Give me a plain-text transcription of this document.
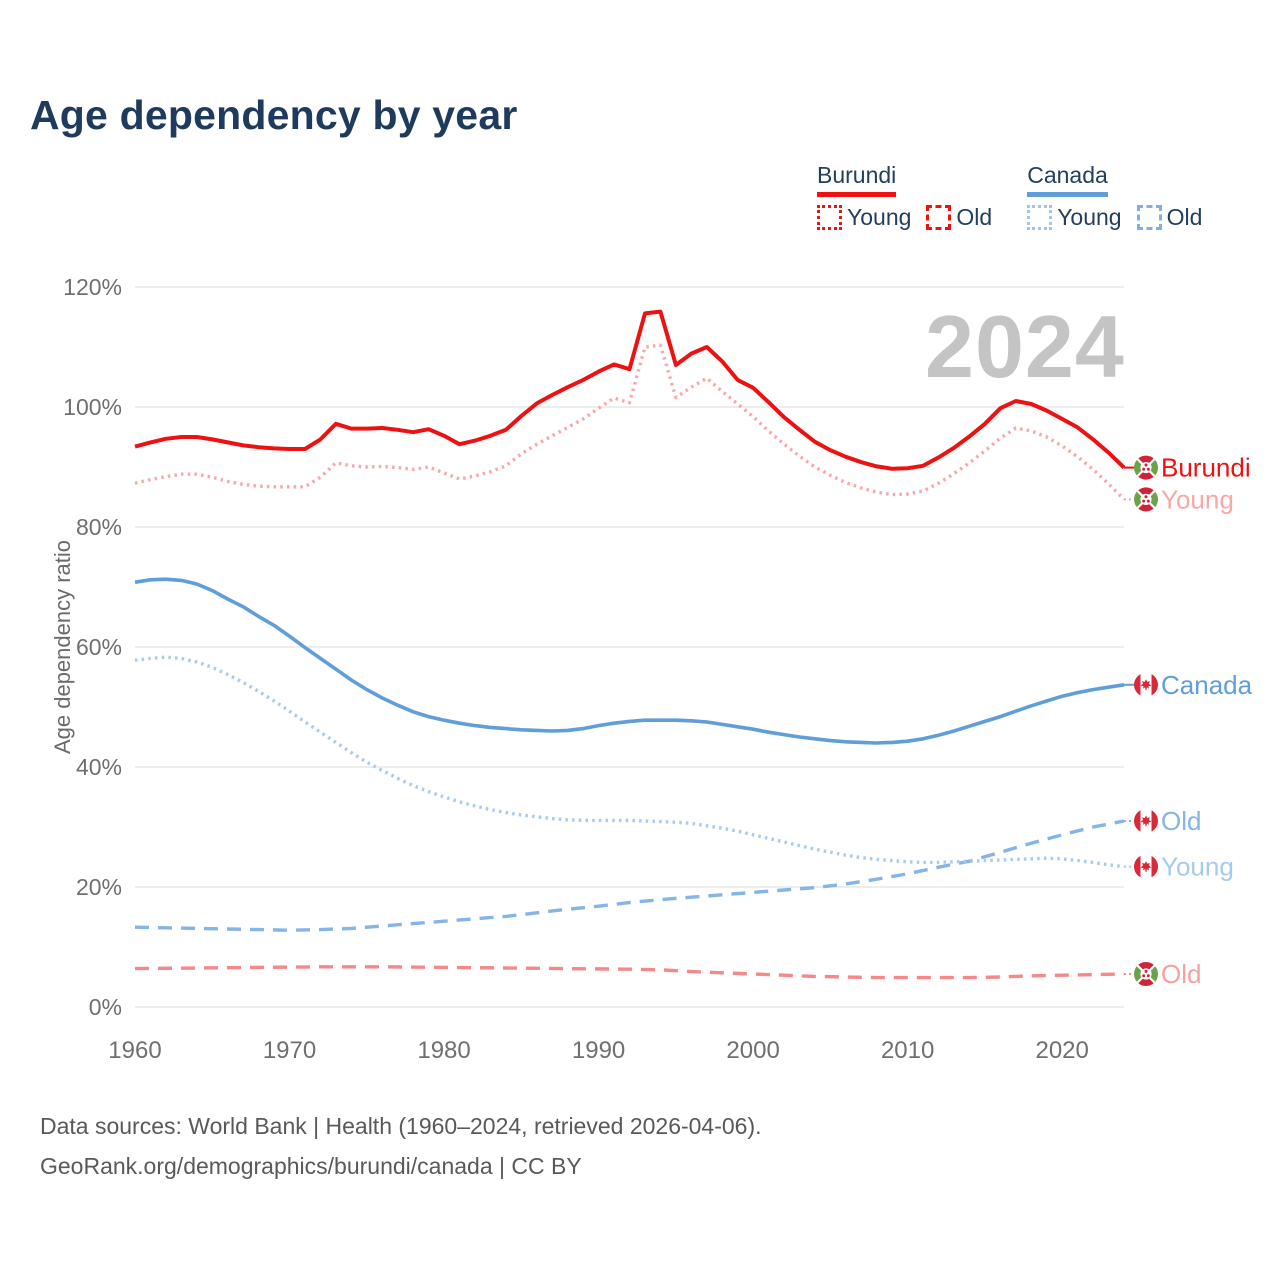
Age dependency by year
Burundi
Young Old
Canada
Young Old
2024
Age dependency ratio
0%
20%
40%
60%
80%
100%
120%
1960	1970	1980	1990	2000	2010	2020
Burundi
Young
Canada
Old
Young
Old
Data sources: World Bank | Health (1960–2024, retrieved 2026-04-06).
GeoRank.org/demographics/burundi/canada | CC BY
